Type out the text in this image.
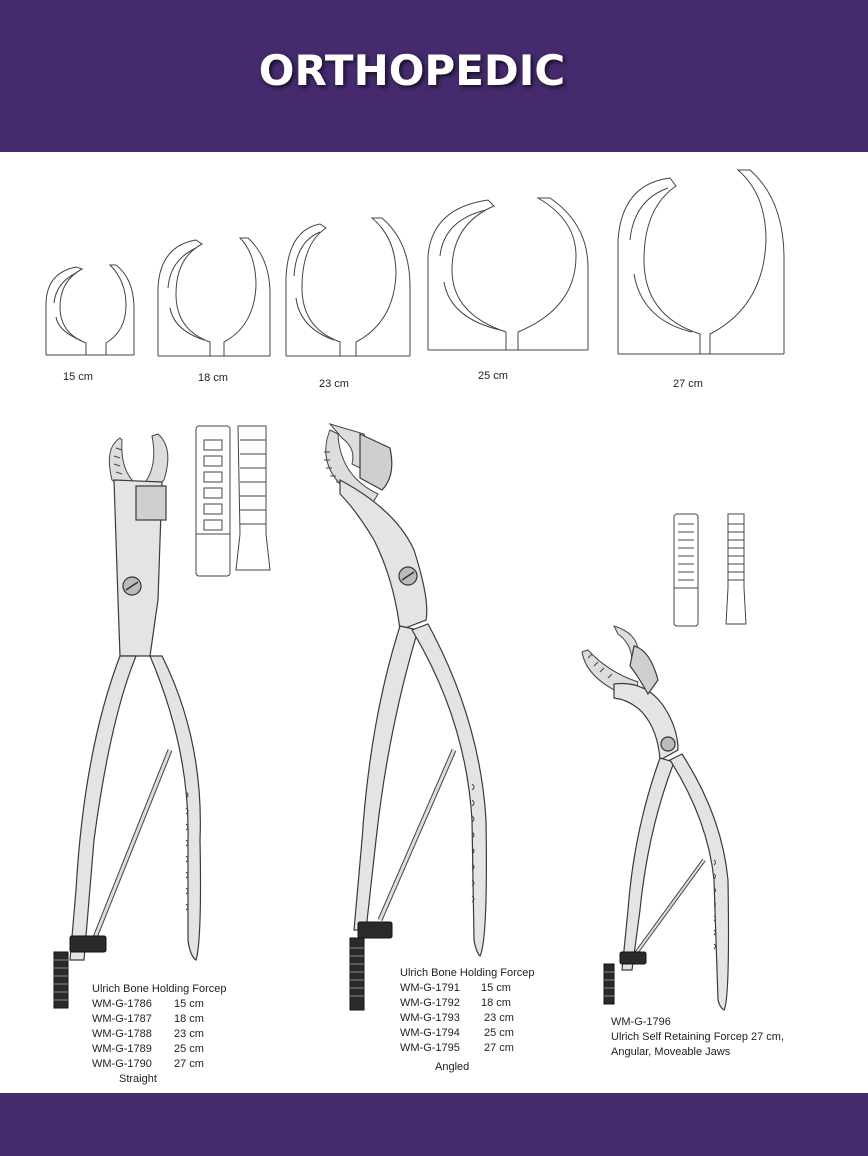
ORTHOPEDIC
15 cm	18 cm	23 cm
25 cm
27 cm
Ulrich Bone Holding Forcep
WM-G-1786 15 cm
WM-G-1787 18 cm
WM-G-1788 23 cm
WM-G-1789 25 cm
WM-G-1790 27 cm
Straight
Ulrich Bone Holding Forcep
WM-G-1791 15 cm
WM-G-1792 18 cm
WM-G-1793 23 cm
WM-G-1794 25 cm
WM-G-1795 27 cm
Angled
WM-G-1796
Ulrich Self Retaining Forcep 27 cm,
Angular, Moveable Jaws
